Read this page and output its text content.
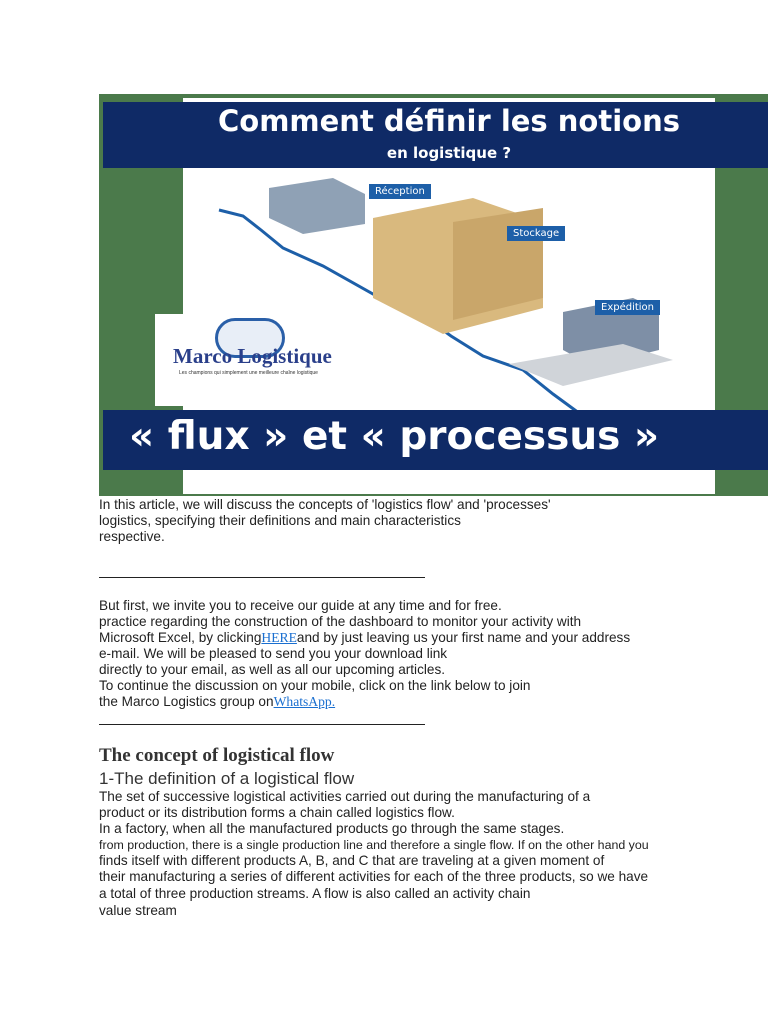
Réception
Stockage
Expédition
Comment définir les notions
en logistique ?
Marco Logistique
Les champions qui simplement une meilleure chaîne logistique
« flux » et « processus »
In this article, we will discuss the concepts of 'logistics flow' and 'processes'
logistics, specifying their definitions and main characteristics
respective.
But first, we invite you to receive our guide at any time and for free.
practice regarding the construction of the dashboard to monitor your activity with
Microsoft Excel, by clickingHEREand by just leaving us your first name and your address
e-mail. We will be pleased to send you your download link
directly to your email, as well as all our upcoming articles.
To continue the discussion on your mobile, click on the link below to join
the Marco Logistics group onWhatsApp.
The concept of logistical flow
1-The definition of a logistical flow
The set of successive logistical activities carried out during the manufacturing of a
product or its distribution forms a chain called logistics flow.
In a factory, when all the manufactured products go through the same stages.
from production, there is a single production line and therefore a single flow. If on the other hand you
finds itself with different products A, B, and C that are traveling at a given moment of
their manufacturing a series of different activities for each of the three products, so we have
a total of three production streams. A flow is also called an activity chain
value stream
